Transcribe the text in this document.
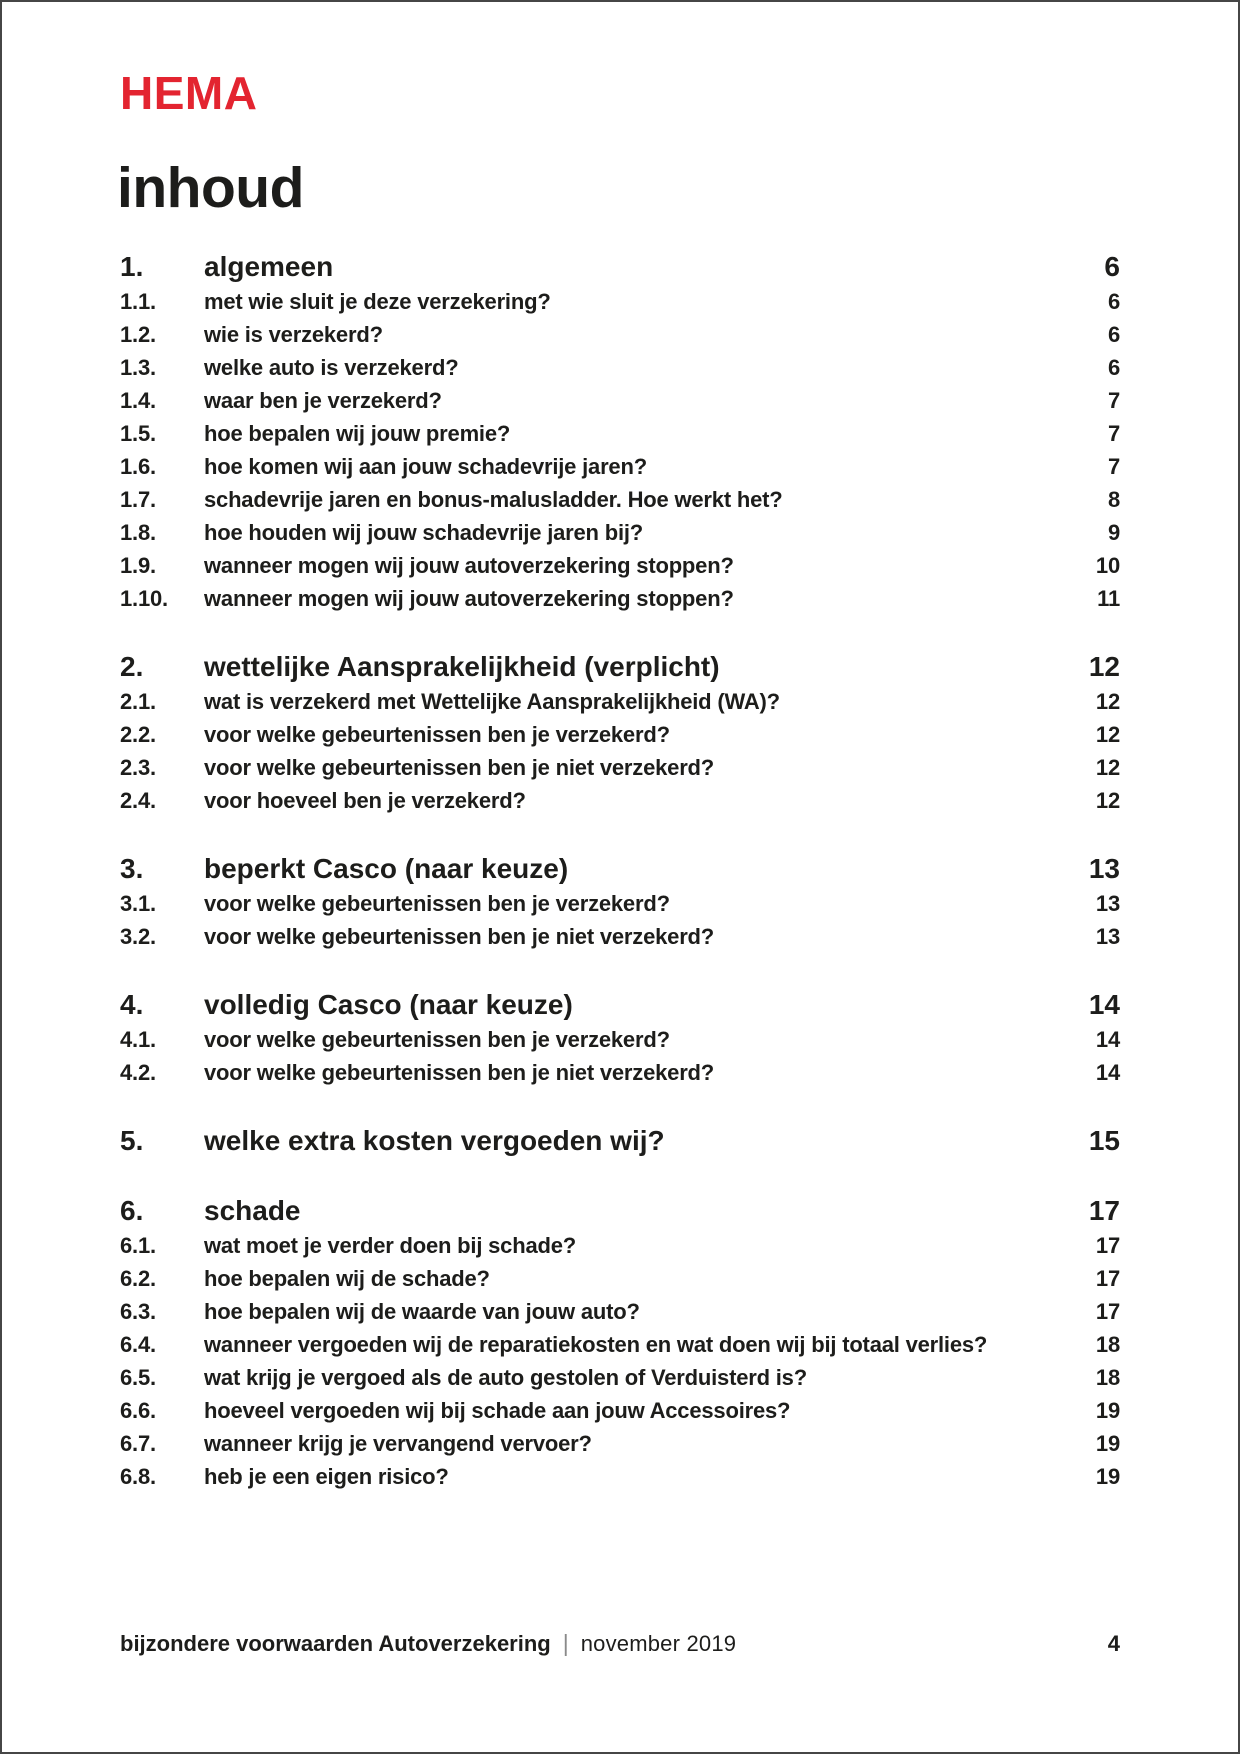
HEMA
inhoud
1.	algemeen	6
1.1.	met wie sluit je deze verzekering?	6
1.2.	wie is verzekerd?	6
1.3.	welke auto is verzekerd?	6
1.4.	waar ben je verzekerd?	7
1.5.	hoe bepalen wij jouw premie?	7
1.6.	hoe komen wij aan jouw schadevrije jaren?	7
1.7.	schadevrije jaren en bonus-malusladder. Hoe werkt het?	8
1.8.	hoe houden wij jouw schadevrije jaren bij?	9
1.9.	wanneer mogen wij jouw autoverzekering stoppen?	10
1.10.	wanneer mogen wij jouw autoverzekering stoppen?	11
2.	wettelijke Aansprakelijkheid (verplicht)	12
2.1.	wat is verzekerd met Wettelijke Aansprakelijkheid (WA)?	12
2.2.	voor welke gebeurtenissen ben je verzekerd?	12
2.3.	voor welke gebeurtenissen ben je niet verzekerd?	12
2.4.	voor hoeveel ben je verzekerd?	12
3.	beperkt Casco (naar keuze)	13
3.1.	voor welke gebeurtenissen ben je verzekerd?	13
3.2.	voor welke gebeurtenissen ben je niet verzekerd?	13
4.	volledig Casco (naar keuze)	14
4.1.	voor welke gebeurtenissen ben je verzekerd?	14
4.2.	voor welke gebeurtenissen ben je niet verzekerd?	14
5.	welke extra kosten vergoeden wij?	15
6.	schade	17
6.1.	wat moet je verder doen bij schade?	17
6.2.	hoe bepalen wij de schade?	17
6.3.	hoe bepalen wij de waarde van jouw auto?	17
6.4.	wanneer vergoeden wij de reparatiekosten en wat doen wij bij totaal verlies?	18
6.5.	wat krijg je vergoed als de auto gestolen of Verduisterd is?	18
6.6.	hoeveel vergoeden wij bij schade aan jouw Accessoires?	19
6.7.	wanneer krijg je vervangend vervoer?	19
6.8.	heb je een eigen risico?	19
bijzondere voorwaarden Autoverzekering | november 2019	4
